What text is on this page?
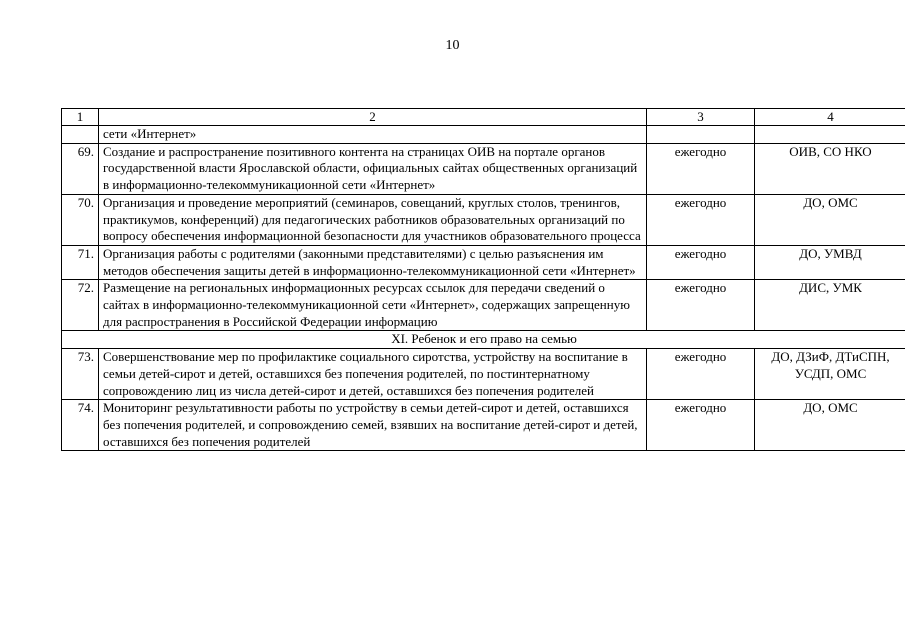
10
1	2	3	4
	сети «Интернет»		
69.	Создание и распространение позитивного контента на страницах ОИВ на портале органов государственной власти Ярославской области, официальных сайтах общественных организаций в информационно-телекоммуникационной сети «Интернет»	ежегодно	ОИВ, СО НКО
70.	Организация и проведение мероприятий (семинаров, совещаний, круглых столов, тренингов, практикумов, конференций) для педагогических работников образовательных организаций по вопросу обеспечения информационной безопасности для участников образовательного процесса	ежегодно	ДО, ОМС
71.	Организация работы с родителями (законными представителями) с целью разъяснения им методов обеспечения защиты детей в информационно-телекоммуникационной сети «Интернет»	ежегодно	ДО, УМВД
72.	Размещение на региональных информационных ресурсах ссылок для передачи сведений о сайтах в информационно-телекоммуникационной сети «Интернет», содержащих запрещенную для распространения в Российской Федерации информацию	ежегодно	ДИС, УМК
XI. Ребенок и его право на семью			
73.	Совершенствование мер по профилактике социального сиротства, устройству на воспитание в семьи детей-сирот и детей, оставшихся без попечения родителей, по постинтернатному сопровождению лиц из числа детей-сирот и детей, оставшихся без попечения родителей	ежегодно	ДО, ДЗиФ, ДТиСПН, УСДП, ОМС
74.	Мониторинг результативности работы по устройству в семьи детей-сирот и детей, оставшихся без попечения родителей, и сопровождению семей, взявших на воспитание детей-сирот и детей, оставшихся без попечения родителей	ежегодно	ДО, ОМС
